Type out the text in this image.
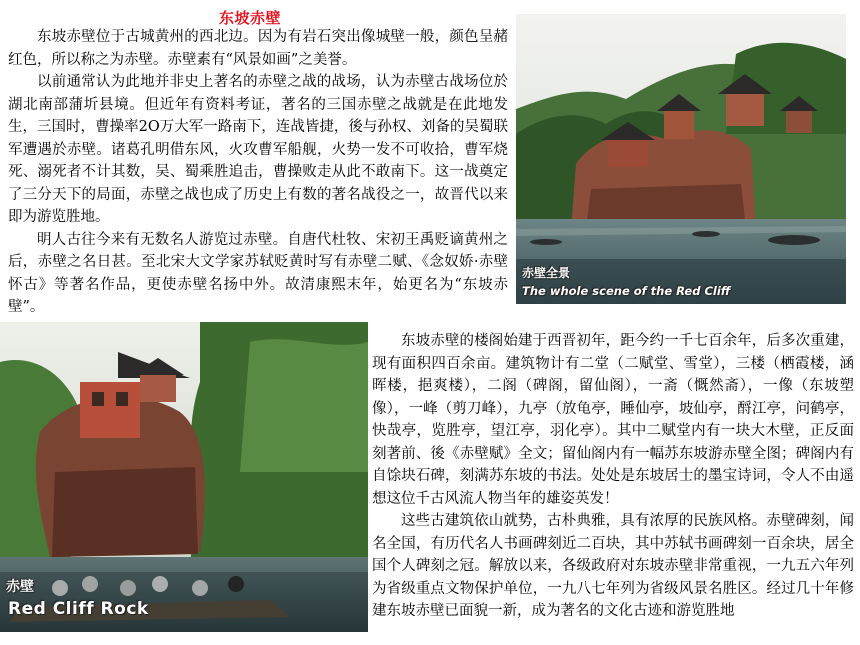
东坡赤壁

东坡赤壁位于古城黄州的西北边。因为有岩石突出像城壁一般，颜色呈赭红色，所以称之为赤壁。赤壁素有“风景如画”之美誉。

以前通常认为此地并非史上著名的赤壁之战的战场，认为赤壁古战场位於湖北南部蒲圻县境。但近年有资料考证，著名的三国赤壁之战就是在此地发生，三国时，曹操率2O万大军一路南下，连战皆捷，後与孙权、刘备的吴蜀联军遭遇於赤壁。诸葛孔明借东风，火攻曹军船舰，火势一发不可收拾，曹军烧死、溺死者不计其数，吴、蜀乘胜追击，曹操败走从此不敢南下。这一战奠定了三分天下的局面，赤壁之战也成了历史上有数的著名战役之一，故晋代以来即为游览胜地。

明人古往今来有无数名人游览过赤壁。自唐代杜牧、宋初王禹贬谪黄州之后，赤壁之名日甚。至北宋大文学家苏轼贬黄时写有赤壁二赋、《念奴娇·赤壁怀古》等著名作品，更使赤壁名扬中外。故清康熙末年，始更名为“东坡赤壁”。

赤壁全景
The whole scene of the Red Cliff
赤壁
Red Cliff Rock

东坡赤壁的楼阁始建于西晋初年，距今约一千七百余年，后多次重建，现有面积四百余亩。建筑物计有二堂（二赋堂、雪堂），三楼（栖霞楼，涵晖楼，挹爽楼），二阁（碑阁，留仙阁），一斋（慨然斋），一像（东坡塑像），一峰（剪刀峰），九亭（放龟亭，睡仙亭，坡仙亭，酹江亭，问鹤亭，快哉亭，览胜亭，望江亭，羽化亭）。其中二赋堂内有一块大木壁，正反面刻著前、後《赤壁赋》全文；留仙阁内有一幅苏东坡游赤壁全图；碑阁内有自馀块石碑，刻满苏东坡的书法。处处是东坡居士的墨宝诗词，令人不由遥想这位千古风流人物当年的雄姿英发！

这些古建筑依山就势，古朴典雅，具有浓厚的民族风格。赤壁碑刻，闻名全国，有历代名人书画碑刻近二百块，其中苏轼书画碑刻一百余块，居全国个人碑刻之冠。解放以来，各级政府对东坡赤壁非常重视，一九五六年列为省级重点文物保护单位，一九八七年列为省级风景名胜区。经过几十年修建东坡赤壁已面貌一新，成为著名的文化古迹和游览胜地
